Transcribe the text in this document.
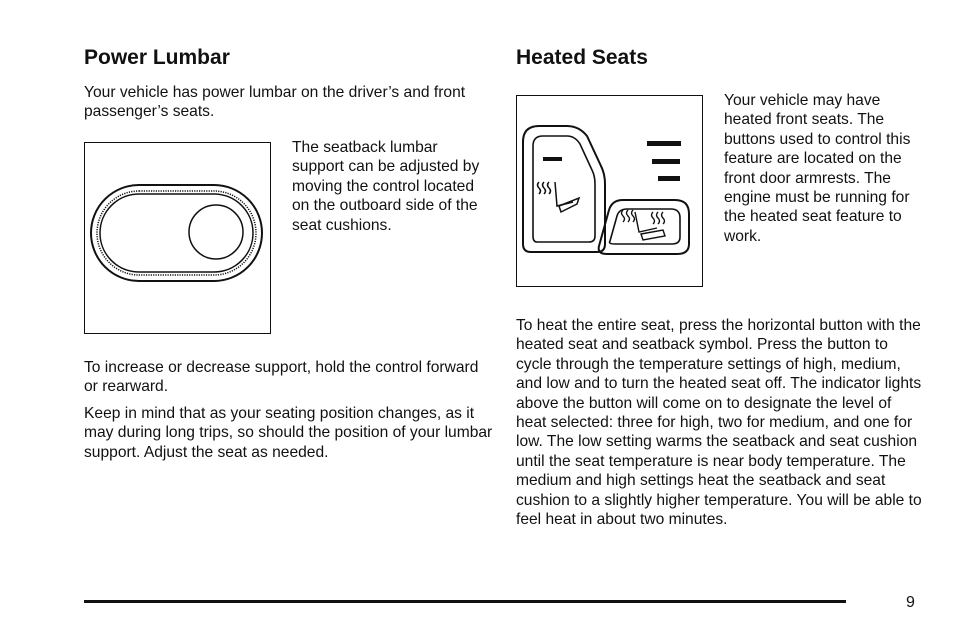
Power Lumbar

Your vehicle has power lumbar on the driver’s and front passenger’s seats.

The seatback lumbar support can be adjusted by moving the control located on the outboard side of the seat cushions.

To increase or decrease support, hold the control forward or rearward.

Keep in mind that as your seating position changes, as it may during long trips, so should the position of your lumbar support. Adjust the seat as needed.

Heated Seats

Your vehicle may have heated front seats. The buttons used to control this feature are located on the front door armrests. The engine must be running for the heated seat feature to work.

To heat the entire seat, press the horizontal button with the heated seat and seatback symbol. Press the button to cycle through the temperature settings of high, medium, and low and to turn the heated seat off. The indicator lights above the button will come on to designate the level of heat selected: three for high, two for medium, and one for low. The low setting warms the seatback and seat cushion until the seat temperature is near body temperature. The medium and high settings heat the seatback and seat cushion to a slightly higher temperature. You will be able to feel heat in about two minutes.

9
